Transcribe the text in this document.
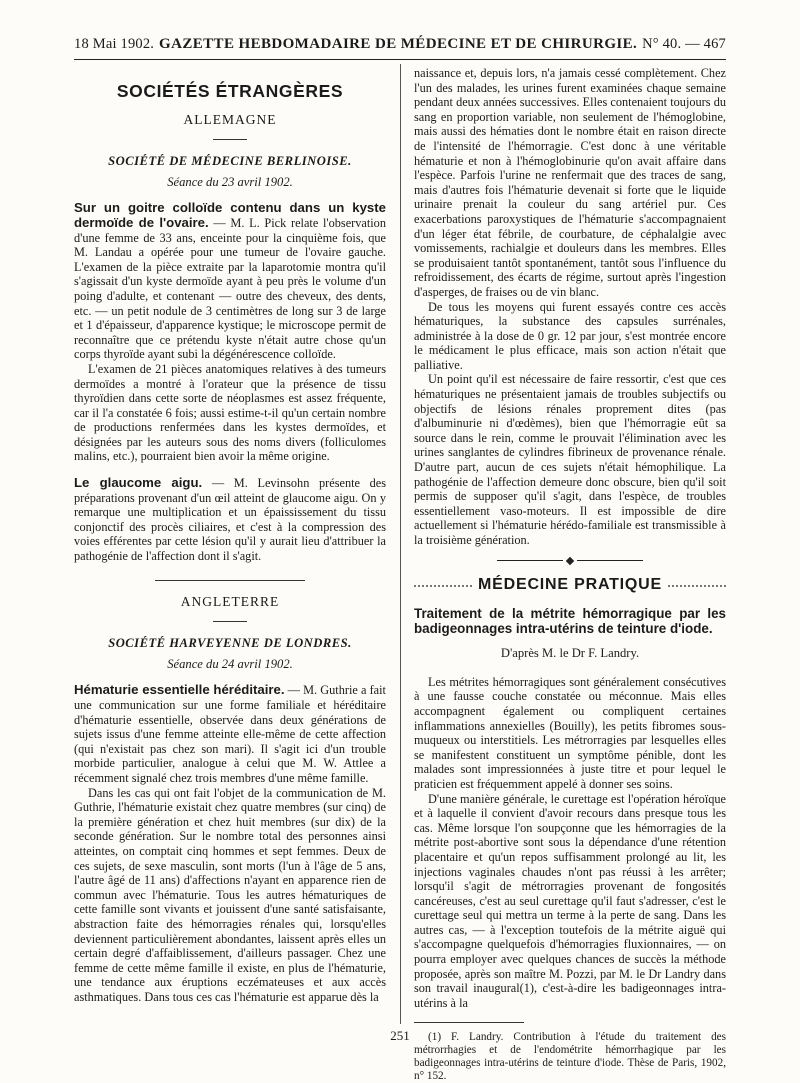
18 Mai 1902. GAZETTE HEBDOMADAIRE DE MÉDECINE ET DE CHIRURGIE. N° 40. — 467
SOCIÉTÉS ÉTRANGÈRES
ALLEMAGNE
SOCIÉTÉ DE MÉDECINE BERLINOISE.
Séance du 23 avril 1902.

Sur un goitre colloïde contenu dans un kyste dermoïde de l'ovaire. — M. L. Pick relate l'observation d'une femme de 33 ans, enceinte pour la cinquième fois, que M. Landau a opérée pour une tumeur de l'ovaire gauche. L'examen de la pièce extraite par la laparotomie montra qu'il s'agissait d'un kyste dermoïde ayant à peu près le volume d'un poing d'adulte, et contenant — outre des cheveux, des dents, etc. — un petit nodule de 3 centimètres de long sur 3 de large et 1 d'épaisseur, d'apparence kystique; le microscope permit de reconnaître que ce prétendu kyste n'était autre chose qu'un corps thyroïde ayant subi la dégénérescence colloïde.

L'examen de 21 pièces anatomiques relatives à des tumeurs dermoïdes a montré à l'orateur que la présence de tissu thyroïdien dans cette sorte de néoplasmes est assez fréquente, car il l'a constatée 6 fois; aussi estime-t-il qu'un certain nombre de productions renfermées dans les kystes dermoïdes, et désignées par les auteurs sous des noms divers (folliculomes malins, etc.), pourraient bien avoir la même origine.

Le glaucome aigu. — M. Levinsohn présente des préparations provenant d'un œil atteint de glaucome aigu. On y remarque une multiplication et un épaississement du tissu conjonctif des procès ciliaires, et c'est à la compression des voies efférentes par cette lésion qu'il y aurait lieu d'attribuer la pathogénie de l'affection dont il s'agit.

ANGLETERRE
SOCIÉTÉ HARVEYENNE DE LONDRES.
Séance du 24 avril 1902.

Hématurie essentielle héréditaire. — M. Guthrie a fait une communication sur une forme familiale et héréditaire d'hématurie essentielle, observée dans deux générations de sujets issus d'une femme atteinte elle-même de cette affection (qui n'existait pas chez son mari). Il s'agit ici d'un trouble morbide particulier, analogue à celui que M. W. Attlee a récemment signalé chez trois membres d'une même famille.

Dans les cas qui ont fait l'objet de la communication de M. Guthrie, l'hématurie existait chez quatre membres (sur cinq) de la première génération et chez huit membres (sur dix) de la seconde génération. Sur le nombre total des personnes ainsi atteintes, on comptait cinq hommes et sept femmes. Deux de ces sujets, de sexe masculin, sont morts (l'un à l'âge de 5 ans, l'autre âgé de 11 ans) d'affections n'ayant en apparence rien de commun avec l'hématurie. Tous les autres hématuriques de cette famille sont vivants et jouissent d'une santé satisfaisante, abstraction faite des hémorragies rénales qui, lorsqu'elles deviennent particulièrement abondantes, laissent après elles un certain degré d'affaiblissement, d'ailleurs passager. Chez une femme de cette même famille il existe, en plus de l'hématurie, une tendance aux éruptions eczémateuses et aux accès asthmatiques. Dans tous ces cas l'hématurie est apparue dès la

naissance et, depuis lors, n'a jamais cessé complètement. Chez l'un des malades, les urines furent examinées chaque semaine pendant deux années successives. Elles contenaient toujours du sang en proportion variable, non seulement de l'hémoglobine, mais aussi des hématies dont le nombre était en raison directe de l'intensité de l'hémorragie. C'est donc à une véritable hématurie et non à l'hémoglobinurie qu'on avait affaire dans l'espèce. Parfois l'urine ne renfermait que des traces de sang, mais d'autres fois l'hématurie devenait si forte que le liquide urinaire prenait la couleur du sang artériel pur. Ces exacerbations paroxystiques de l'hématurie s'accompagnaient d'un léger état fébrile, de courbature, de céphalalgie avec vomissements, rachialgie et douleurs dans les membres. Elles se produisaient tantôt spontanément, tantôt sous l'influence du refroidissement, des écarts de régime, surtout après l'ingestion d'asperges, de fraises ou de vin blanc.

De tous les moyens qui furent essayés contre ces accès hématuriques, la substance des capsules surrénales, administrée à la dose de 0 gr. 12 par jour, s'est montrée encore le médicament le plus efficace, mais son action n'était que palliative.

Un point qu'il est nécessaire de faire ressortir, c'est que ces hématuriques ne présentaient jamais de troubles subjectifs ou objectifs de lésions rénales proprement dites (pas d'albuminurie ni d'œdèmes), bien que l'hémorragie eût sa source dans le rein, comme le prouvait l'élimination avec les urines sanglantes de cylindres fibrineux de provenance rénale. D'autre part, aucun de ces sujets n'était hémophilique. La pathogénie de l'affection demeure donc obscure, bien qu'il soit permis de supposer qu'il s'agit, dans l'espèce, de troubles essentiellement vaso-moteurs. Il est impossible de dire actuellement si l'hématurie hérédo-familiale est transmissible à la troisième génération.

MÉDECINE PRATIQUE
Traitement de la métrite hémorragique par les badigeonnages intra-utérins de teinture d'iode.
D'après M. le Dr F. Landry.

Les métrites hémorragiques sont généralement consécutives à une fausse couche constatée ou méconnue. Mais elles accompagnent également ou compliquent certaines inflammations annexielles (Bouilly), les petits fibromes sous-muqueux ou interstitiels. Les métrorragies par lesquelles elles se manifestent constituent un symptôme pénible, dont les malades sont impressionnées à juste titre et pour lequel le praticien est fréquemment appelé à donner ses soins.

D'une manière générale, le curettage est l'opération héroïque et à laquelle il convient d'avoir recours dans presque tous les cas. Même lorsque l'on soupçonne que les hémorragies de la métrite post-abortive sont sous la dépendance d'une rétention placentaire et qu'un repos suffisamment prolongé au lit, les injections vaginales chaudes n'ont pas réussi à les arrêter; lorsqu'il s'agit de métrorragies provenant de fongosités cancéreuses, c'est au seul curettage qu'il faut s'adresser, c'est le curettage seul qui mettra un terme à la perte de sang. Dans les autres cas, — à l'exception toutefois de la métrite aiguë qui s'accompagne quelquefois d'hémorragies fluxionnaires, — on pourra employer avec quelques chances de succès la méthode proposée, après son maître M. Pozzi, par M. le Dr Landry dans son travail inaugural(1), c'est-à-dire les badigeonnages intra-utérins à la

(1) F. Landry. Contribution à l'étude du traitement des métrorrhagies et de l'endométrite hémorrhagique par les badigeonnages intra-utérins de teinture d'iode. Thèse de Paris, 1902, n° 152.

251
